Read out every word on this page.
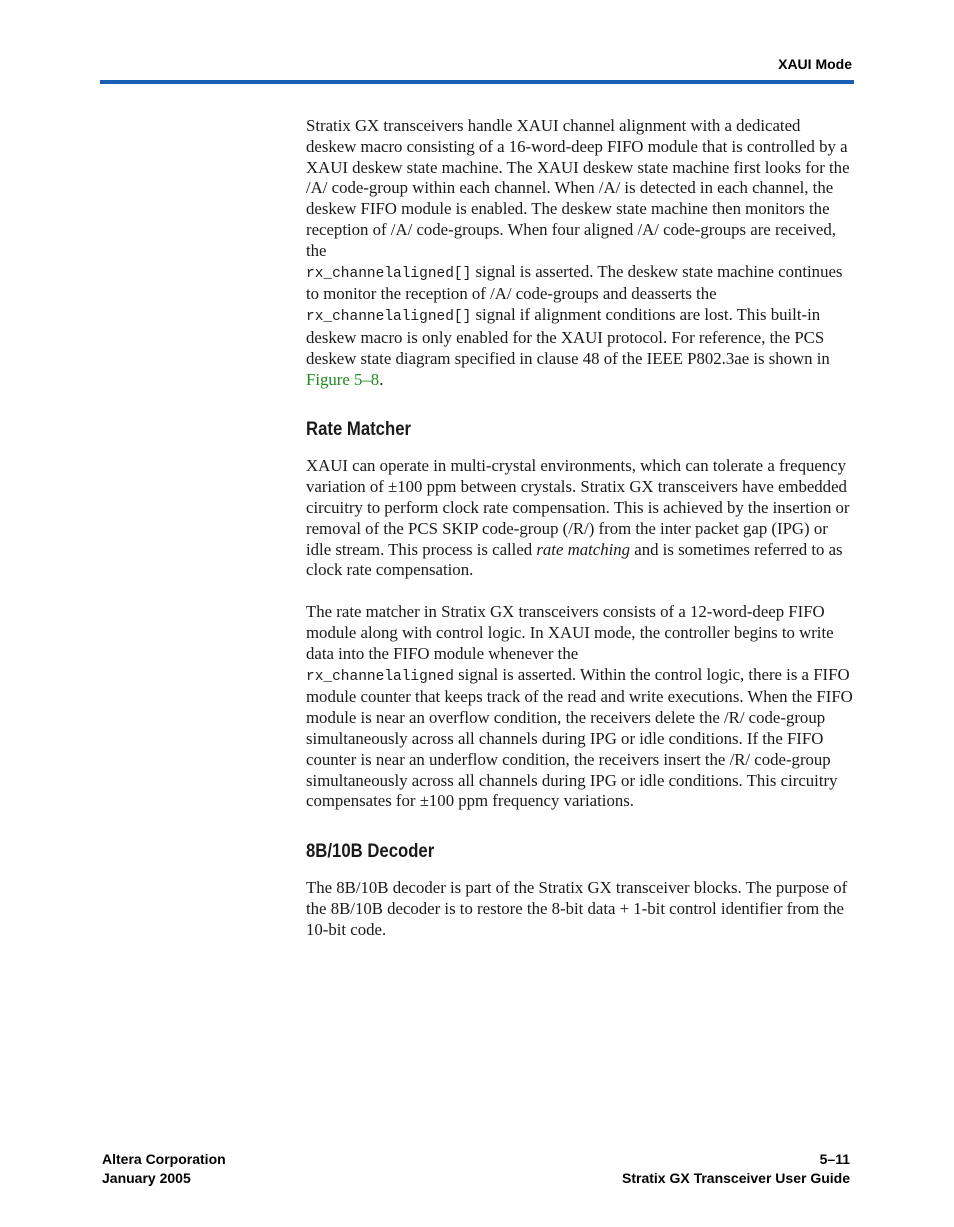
XAUI Mode

Stratix GX transceivers handle XAUI channel alignment with a dedicated deskew macro consisting of a 16-word-deep FIFO module that is controlled by a XAUI deskew state machine. The XAUI deskew state machine first looks for the /A/ code-group within each channel. When /A/ is detected in each channel, the deskew FIFO module is enabled. The deskew state machine then monitors the reception of /A/ code-groups. When four aligned /A/ code-groups are received, the
rx_channelaligned[] signal is asserted. The deskew state machine continues to monitor the reception of /A/ code-groups and deasserts the
rx_channelaligned[] signal if alignment conditions are lost. This built-in deskew macro is only enabled for the XAUI protocol. For reference, the PCS deskew state diagram specified in clause 48 of the IEEE P802.3ae is shown in Figure 5–8.

Rate Matcher

XAUI can operate in multi-crystal environments, which can tolerate a frequency variation of ±100 ppm between crystals. Stratix GX transceivers have embedded circuitry to perform clock rate compensation. This is achieved by the insertion or removal of the PCS SKIP code-group (/R/) from the inter packet gap (IPG) or idle stream. This process is called rate matching and is sometimes referred to as clock rate compensation.

The rate matcher in Stratix GX transceivers consists of a 12-word-deep FIFO module along with control logic. In XAUI mode, the controller begins to write data into the FIFO module whenever the
rx_channelaligned signal is asserted. Within the control logic, there is a FIFO module counter that keeps track of the read and write executions. When the FIFO module is near an overflow condition, the receivers delete the /R/ code-group simultaneously across all channels during IPG or idle conditions. If the FIFO counter is near an underflow condition, the receivers insert the /R/ code-group simultaneously across all channels during IPG or idle conditions. This circuitry compensates for ±100 ppm frequency variations.

8B/10B Decoder

The 8B/10B decoder is part of the Stratix GX transceiver blocks. The purpose of the 8B/10B decoder is to restore the 8-bit data + 1-bit control identifier from the 10-bit code.

Altera Corporation
January 2005
5–11
Stratix GX Transceiver User Guide
